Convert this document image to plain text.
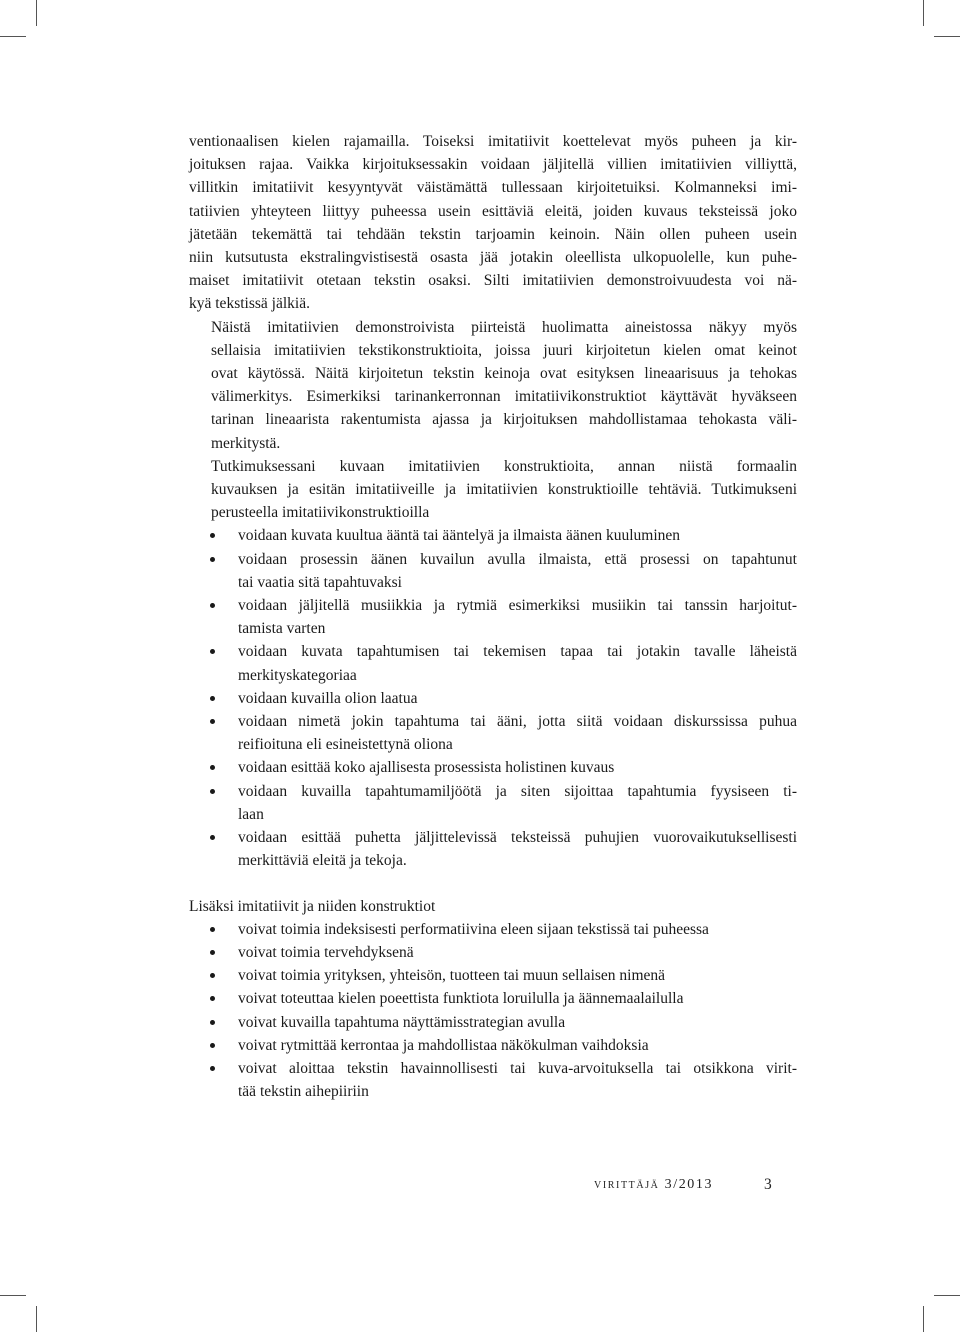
ventionaalisen kielen rajamailla. Toiseksi imitatiivit koettelevat myös puheen ja kir-
joituksen rajaa. Vaikka kirjoituksessakin voidaan jäljitellä villien imitatiivien villiyttä,
villitkin imitatiivit kesyyntyvät väistämättä tullessaan kirjoitetuiksi. Kolmanneksi imi-
tatiivien yhteyteen liittyy puheessa usein esittäviä eleitä, joiden kuvaus teksteissä joko
jätetään tekemättä tai tehdään tekstin tarjoamin keinoin. Näin ollen puheen usein
niin kutsutusta ekstralingvistisestä osasta jää jotakin oleellista ulkopuolelle, kun puhe-
maiset imitatiivit otetaan tekstin osaksi. Silti imitatiivien demonstroivuudesta voi nä-
kyä tekstissä jälkiä.
Näistä imitatiivien demonstroivista piirteistä huolimatta aineistossa näkyy myös
sellaisia imitatiivien tekstikonstruktioita, joissa juuri kirjoitetun kielen omat keinot
ovat käytössä. Näitä kirjoitetun tekstin keinoja ovat esityksen lineaarisuus ja tehokas
välimerkitys. Esimerkiksi tarinankerronnan imitatiivikonstruktiot käyttävät hyväkseen
tarinan lineaarista rakentumista ajassa ja kirjoituksen mahdollistamaa tehokasta väli-
merkitystä.
Tutkimuksessani kuvaan imitatiivien konstruktioita, annan niistä formaalin
kuvauksen ja esitän imitatiiveille ja imitatiivien konstruktioille tehtäviä. Tutkimukseni
perusteella imitatiivikonstruktioilla
voidaan kuvata kuultua ääntä tai ääntelyä ja ilmaista äänen kuuluminen
voidaan prosessin äänen kuvailun avulla ilmaista, että prosessi on tapahtunut
tai vaatia sitä tapahtuvaksi
voidaan jäljitellä musiikkia ja rytmiä esimerkiksi musiikin tai tanssin harjoitut-
tamista varten
voidaan kuvata tapahtumisen tai tekemisen tapaa tai jotakin tavalle läheistä
merkityskategoriaa
voidaan kuvailla olion laatua
voidaan nimetä jokin tapahtuma tai ääni, jotta siitä voidaan diskurssissa puhua
reifioituna eli esineistettynä oliona
voidaan esittää koko ajallisesta prosessista holistinen kuvaus
voidaan kuvailla tapahtumamiljöötä ja siten sijoittaa tapahtumia fyysiseen ti-
laan
voidaan esittää puhetta jäljittelevissä teksteissä puhujien vuorovaikutuksellisesti
merkittäviä eleitä ja tekoja.

Lisäksi imitatiivit ja niiden konstruktiot

voivat toimia indeksisesti performatiivina eleen sijaan tekstissä tai puheessa
voivat toimia tervehdyksenä
voivat toimia yrityksen, yhteisön, tuotteen tai muun sellaisen nimenä
voivat toteuttaa kielen poeettista funktiota loruilulla ja äännemaalailulla
voivat kuvailla tapahtuma näyttämisstrategian avulla
voivat rytmittää kerrontaa ja mahdollistaa näkökulman vaihdoksia
voivat aloittaa tekstin havainnollisesti tai kuva-arvoituksella tai otsikkona virit-
tää tekstin aihepiiriin
virittäjä 3/2013	3
